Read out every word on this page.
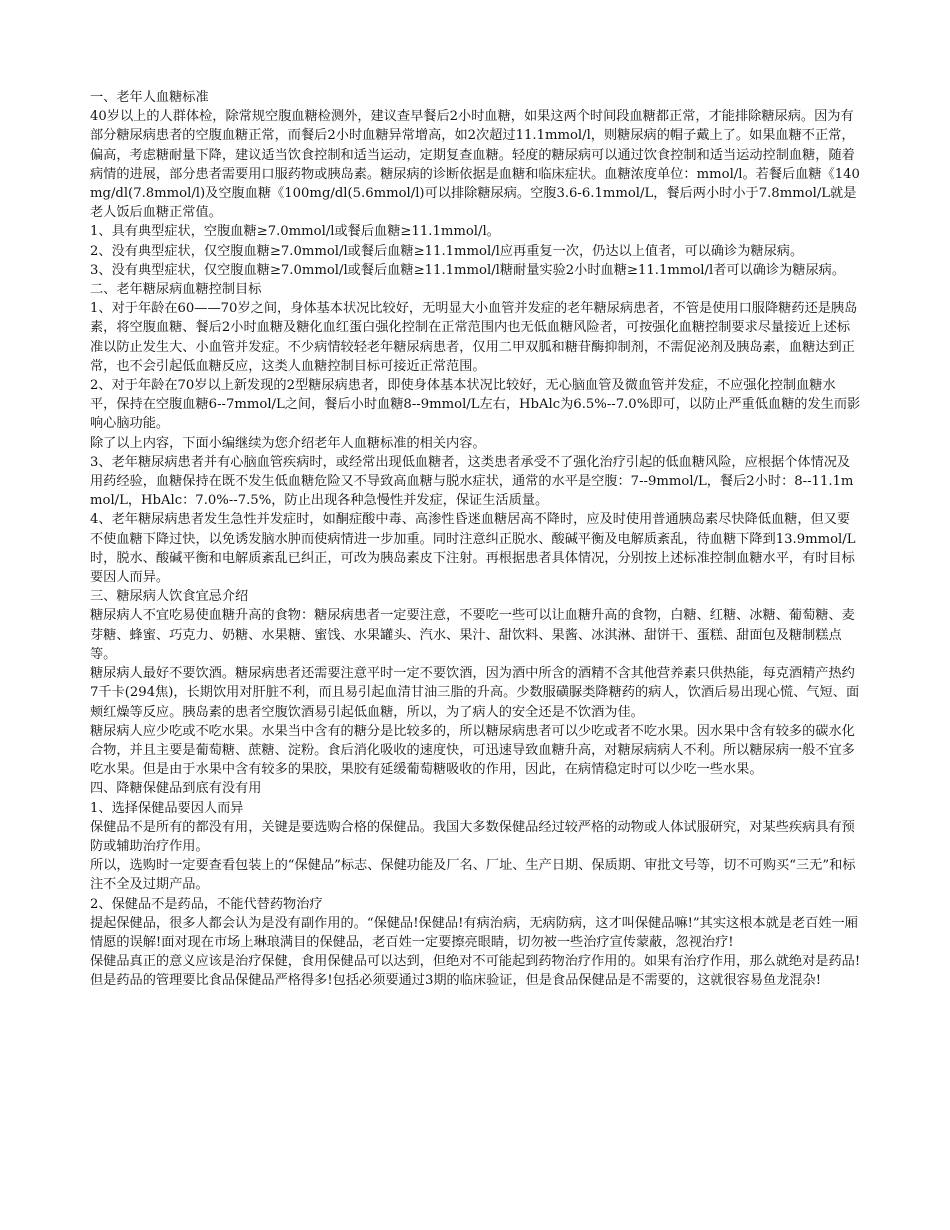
一、老年人血糖标准

40岁以上的人群体检，除常规空腹血糖检测外，建议查早餐后2小时血糖，如果这两个时间段血糖都正常，才能排除糖尿病。因为有部分糖尿病患者的空腹血糖正常，而餐后2小时血糖异常增高，如2次超过11.1mmol/l，则糖尿病的帽子戴上了。如果血糖不正常，偏高，考虑糖耐量下降，建议适当饮食控制和适当运动，定期复查血糖。轻度的糖尿病可以通过饮食控制和适当运动控制血糖，随着病情的进展，部分患者需要用口服药物或胰岛素。糖尿病的诊断依据是血糖和临床症状。血糖浓度单位：mmol/l。若餐后血糖《140mg/dl(7.8mmol/l)及空腹血糖《100mg/dl(5.6mmol/l)可以排除糖尿病。空腹3.6-6.1mmol/L，餐后两小时小于7.8mmol/L就是老人饭后血糖正常值。

1、具有典型症状，空腹血糖≥7.0mmol/l或餐后血糖≥11.1mmol/l。

2、没有典型症状，仅空腹血糖≥7.0mmol/l或餐后血糖≥11.1mmol/l应再重复一次，仍达以上值者，可以确诊为糖尿病。

3、没有典型症状，仅空腹血糖≥7.0mmol/l或餐后血糖≥11.1mmol/l糖耐量实验2小时血糖≥11.1mmol/l者可以确诊为糖尿病。

二、老年糖尿病血糖控制目标

1、对于年龄在60——70岁之间，身体基本状况比较好，无明显大小血管并发症的老年糖尿病患者，不管是使用口服降糖药还是胰岛素，将空腹血糖、餐后2小时血糖及糖化血红蛋白强化控制在正常范围内也无低血糖风险者，可按强化血糖控制要求尽量接近上述标准以防止发生大、小血管并发症。不少病情较轻老年糖尿病患者，仅用二甲双胍和糖苷酶抑制剂，不需促泌剂及胰岛素，血糖达到正常，也不会引起低血糖反应，这类人血糖控制目标可接近正常范围。

2、对于年龄在70岁以上新发现的2型糖尿病患者，即使身体基本状况比较好，无心脑血管及微血管并发症，不应强化控制血糖水平，保持在空腹血糖6--7mmol/L之间，餐后小时血糖8--9mmol/L左右，HbAlc为6.5%--7.0%即可，以防止严重低血糖的发生而影响心脑功能。

除了以上内容，下面小编继续为您介绍老年人血糖标准的相关内容。

3、老年糖尿病患者并有心脑血管疾病时，或经常出现低血糖者，这类患者承受不了强化治疗引起的低血糖风险，应根据个体情况及用药经验，血糖保持在既不发生低血糖危险又不导致高血糖与脱水症状，通常的水平是空腹：7--9mmol/L，餐后2小时：8--11.1mmol/L，HbAlc：7.0%--7.5%，防止出现各种急慢性并发症，保证生活质量。

4、老年糖尿病患者发生急性并发症时，如酮症酸中毒、高渗性昏迷血糖居高不降时，应及时使用普通胰岛素尽快降低血糖，但又要不使血糖下降过快，以免诱发脑水肿而使病情进一步加重。同时注意纠正脱水、酸碱平衡及电解质紊乱，待血糖下降到13.9mmol/L时，脱水、酸碱平衡和电解质紊乱已纠正，可改为胰岛素皮下注射。再根据患者具体情况，分别按上述标准控制血糖水平，有时目标要因人而异。

三、糖尿病人饮食宜忌介绍

糖尿病人不宜吃易使血糖升高的食物：糖尿病患者一定要注意，不要吃一些可以让血糖升高的食物，白糖、红糖、冰糖、葡萄糖、麦芽糖、蜂蜜、巧克力、奶糖、水果糖、蜜饯、水果罐头、汽水、果汁、甜饮料、果酱、冰淇淋、甜饼干、蛋糕、甜面包及糖制糕点等。

糖尿病人最好不要饮酒。糖尿病患者还需要注意平时一定不要饮酒，因为酒中所含的酒精不含其他营养素只供热能，每克酒精产热约7千卡(294焦)，长期饮用对肝脏不利，而且易引起血清甘油三脂的升高。少数服磺脲类降糖药的病人，饮酒后易出现心慌、气短、面颊红燥等反应。胰岛素的患者空腹饮酒易引起低血糖，所以，为了病人的安全还是不饮酒为佳。

糖尿病人应少吃或不吃水果。水果当中含有的糖分是比较多的，所以糖尿病患者可以少吃或者不吃水果。因水果中含有较多的碳水化合物，并且主要是葡萄糖、蔗糖、淀粉。食后消化吸收的速度快，可迅速导致血糖升高，对糖尿病病人不利。所以糖尿病一般不宜多吃水果。但是由于水果中含有较多的果胶，果胶有延缓葡萄糖吸收的作用，因此，在病情稳定时可以少吃一些水果。

四、降糖保健品到底有没有用

1、选择保健品要因人而异

保健品不是所有的都没有用，关键是要选购合格的保健品。我国大多数保健品经过较严格的动物或人体试服研究，对某些疾病具有预防或辅助治疗作用。

所以，选购时一定要查看包装上的“保健品”标志、保健功能及厂名、厂址、生产日期、保质期、审批文号等，切不可购买“三无”和标注不全及过期产品。

2、保健品不是药品，不能代替药物治疗

提起保健品，很多人都会认为是没有副作用的。“保健品!保健品!有病治病，无病防病，这才叫保健品嘛!”其实这根本就是老百姓一厢情愿的误解!面对现在市场上琳琅满目的保健品，老百姓一定要擦亮眼睛，切勿被一些治疗宣传蒙蔽，忽视治疗!

保健品真正的意义应该是治疗保健，食用保健品可以达到，但绝对不可能起到药物治疗作用的。如果有治疗作用，那么就绝对是药品!但是药品的管理要比食品保健品严格得多!包括必须要通过3期的临床验证，但是食品保健品是不需要的，这就很容易鱼龙混杂!
